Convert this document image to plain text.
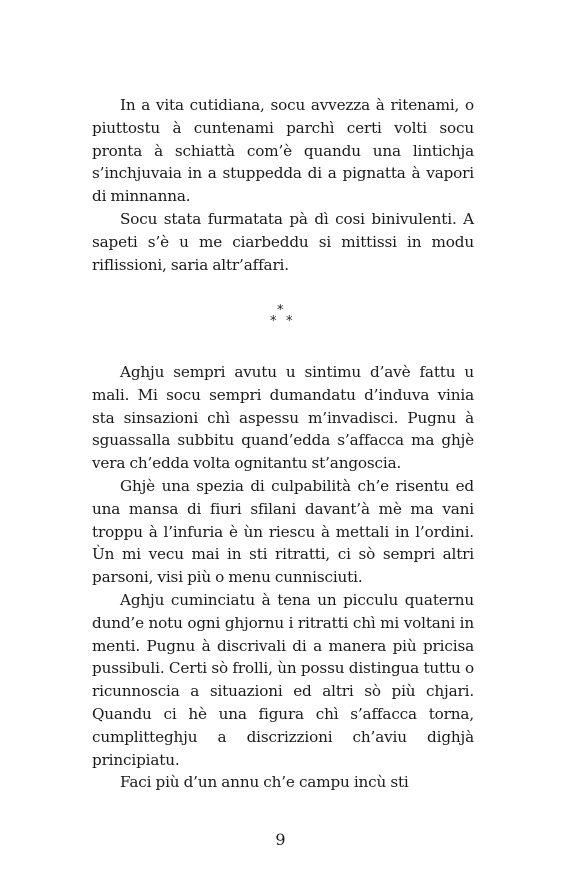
In a vita cutidiana, socu avvezza à ritenami, o piuttostu à cuntenami parchì certi volti socu pronta à schiattà com’è quandu una lintichja s’inchjuvaia in a stuppedda di a pignatta à vapori di minnanna.

Socu stata furmatata pà dì cosi binivulenti. A sapeti s’è u me ciarbeddu si mittissi in modu riflissioni, saria altr’affari.

*
* *

Aghju sempri avutu u sintimu d’avè fattu u mali. Mi socu sempri dumandatu d’induva vinia sta sinsazioni chì aspessu m’invadisci. Pugnu à sguassalla subbitu quand’edda s’affacca ma ghjè vera ch’edda volta ognitantu st’angoscia.

Ghjè una spezia di culpabilità ch’e risentu ed una mansa di fiuri sfilani davant’à mè ma vani troppu à l’infuria è ùn riescu à mettali in l’ordini. Ùn mi vecu mai in sti ritratti, ci sò sempri altri parsoni, visi più o menu cunnisciuti.

Aghju cuminciatu à tena un picculu quaternu dund’e notu ogni ghjornu i ritratti chì mi voltani in menti. Pugnu à discrivali di a manera più pricisa pussibuli. Certi sò frolli, ùn possu distingua tuttu o ricunnoscia a situazioni ed altri sò più chjari. Quandu ci hè una figura chì s’affacca torna, cumplitteghju a discrizzioni ch’aviu dighjà principiatu.

Faci più d’un annu ch’e campu incù sti

9
